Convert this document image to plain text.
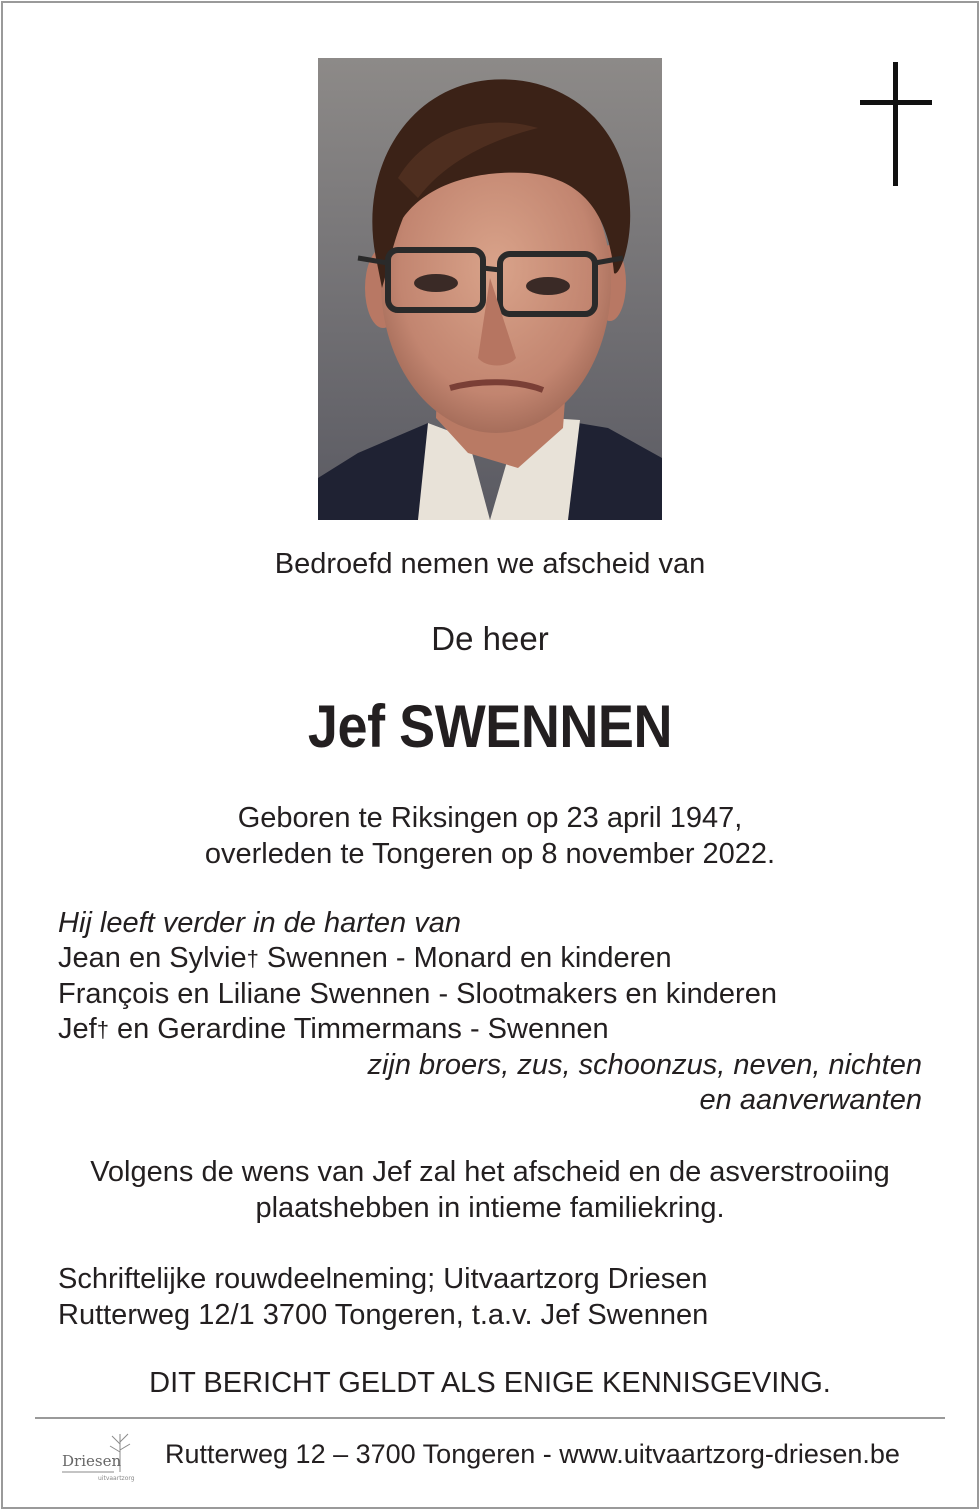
Bedroefd nemen we afscheid van
De heer
Jef SWENNEN
Geboren te Riksingen op 23 april 1947,
overleden te Tongeren op 8 november 2022.
Hij leeft verder in de harten van
Jean en Sylvie† Swennen - Monard en kinderen
François en Liliane Swennen - Slootmakers en kinderen
Jef† en Gerardine Timmermans - Swennen
zijn broers, zus, schoonzus, neven, nichten
en aanverwanten
Volgens de wens van Jef zal het afscheid en de asverstrooiing
plaatshebben in intieme familiekring.
Schriftelijke rouwdeelneming; Uitvaartzorg Driesen
Rutterweg 12/1 3700 Tongeren, t.a.v. Jef Swennen
DIT BERICHT GELDT ALS ENIGE KENNISGEVING.
Driesen
uitvaartzorg
Rutterweg 12 – 3700 Tongeren - www.uitvaartzorg-driesen.be
